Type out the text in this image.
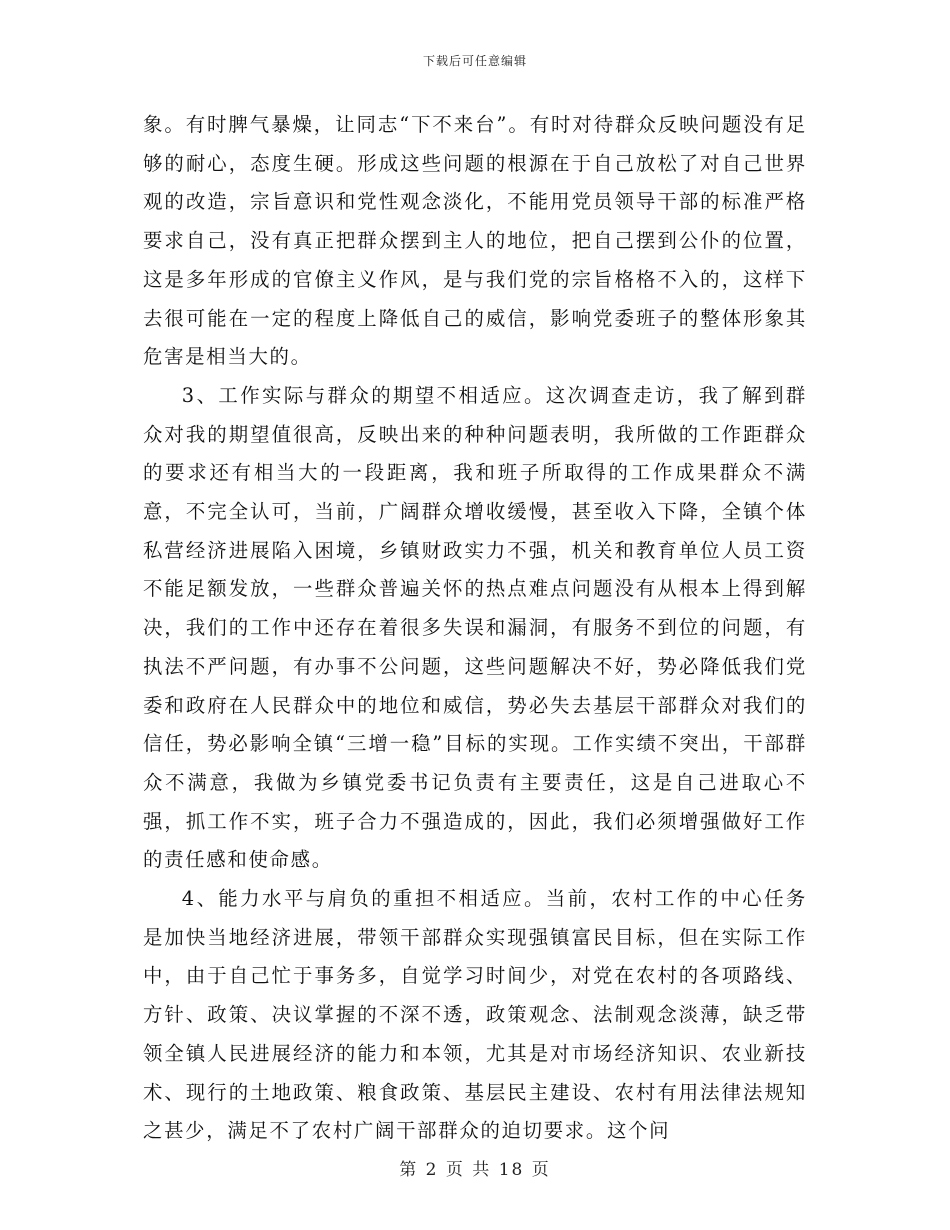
下载后可任意编辑

象。有时脾气暴燥，让同志“下不来台”。有时对待群众反映问题没有足够的耐心，态度生硬。形成这些问题的根源在于自己放松了对自己世界观的改造，宗旨意识和党性观念淡化，不能用党员领导干部的标准严格要求自己，没有真正把群众摆到主人的地位，把自己摆到公仆的位置，这是多年形成的官僚主义作风，是与我们党的宗旨格格不入的，这样下去很可能在一定的程度上降低自己的威信，影响党委班子的整体形象其危害是相当大的。

3、工作实际与群众的期望不相适应。这次调查走访，我了解到群众对我的期望值很高，反映出来的种种问题表明，我所做的工作距群众的要求还有相当大的一段距离，我和班子所取得的工作成果群众不满意，不完全认可，当前，广阔群众增收缓慢，甚至收入下降，全镇个体私营经济进展陷入困境，乡镇财政实力不强，机关和教育单位人员工资不能足额发放，一些群众普遍关怀的热点难点问题没有从根本上得到解决，我们的工作中还存在着很多失误和漏洞，有服务不到位的问题，有执法不严问题，有办事不公问题，这些问题解决不好，势必降低我们党委和政府在人民群众中的地位和威信，势必失去基层干部群众对我们的信任，势必影响全镇“三增一稳”目标的实现。工作实绩不突出，干部群众不满意，我做为乡镇党委书记负责有主要责任，这是自己进取心不强，抓工作不实，班子合力不强造成的，因此，我们必须增强做好工作的责任感和使命感。

4、能力水平与肩负的重担不相适应。当前，农村工作的中心任务是加快当地经济进展，带领干部群众实现强镇富民目标，但在实际工作中，由于自己忙于事务多，自觉学习时间少，对党在农村的各项路线、方针、政策、决议掌握的不深不透，政策观念、法制观念淡薄，缺乏带领全镇人民进展经济的能力和本领，尤其是对市场经济知识、农业新技术、现行的土地政策、粮食政策、基层民主建设、农村有用法律法规知之甚少，满足不了农村广阔干部群众的迫切要求。这个问

第 2 页 共 18 页
